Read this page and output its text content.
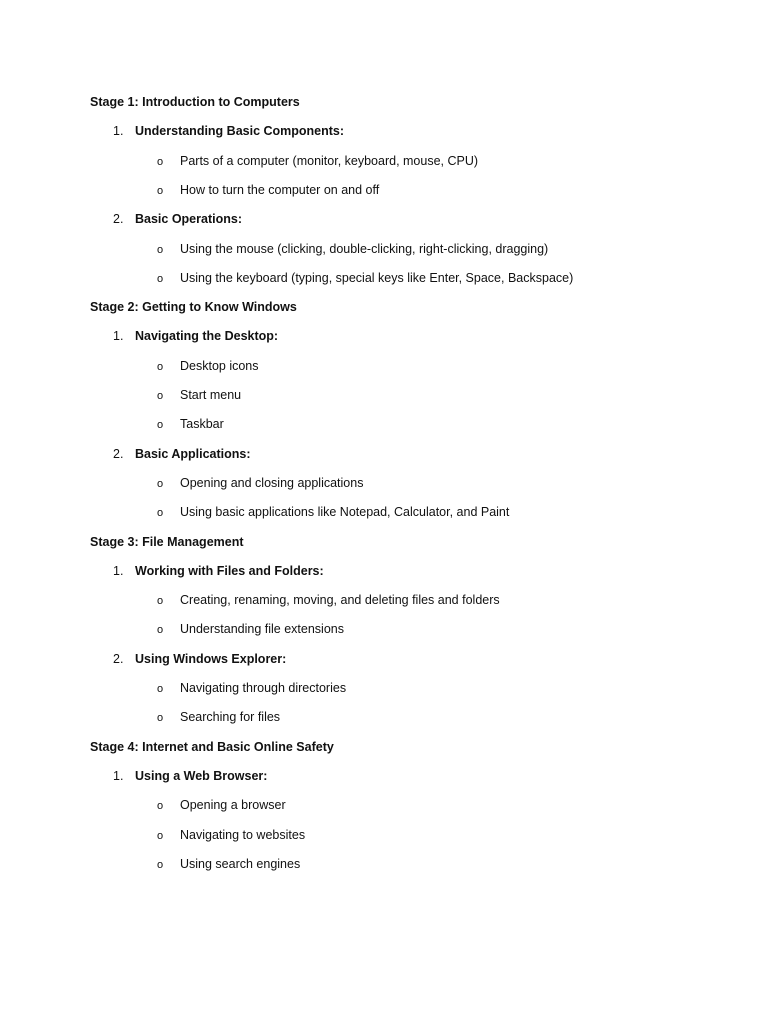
Stage 1: Introduction to Computers
1. Understanding Basic Components:
o Parts of a computer (monitor, keyboard, mouse, CPU)
o How to turn the computer on and off
2. Basic Operations:
o Using the mouse (clicking, double-clicking, right-clicking, dragging)
o Using the keyboard (typing, special keys like Enter, Space, Backspace)
Stage 2: Getting to Know Windows
1. Navigating the Desktop:
o Desktop icons
o Start menu
o Taskbar
2. Basic Applications:
o Opening and closing applications
o Using basic applications like Notepad, Calculator, and Paint
Stage 3: File Management
1. Working with Files and Folders:
o Creating, renaming, moving, and deleting files and folders
o Understanding file extensions
2. Using Windows Explorer:
o Navigating through directories
o Searching for files
Stage 4: Internet and Basic Online Safety
1. Using a Web Browser:
o Opening a browser
o Navigating to websites
o Using search engines
